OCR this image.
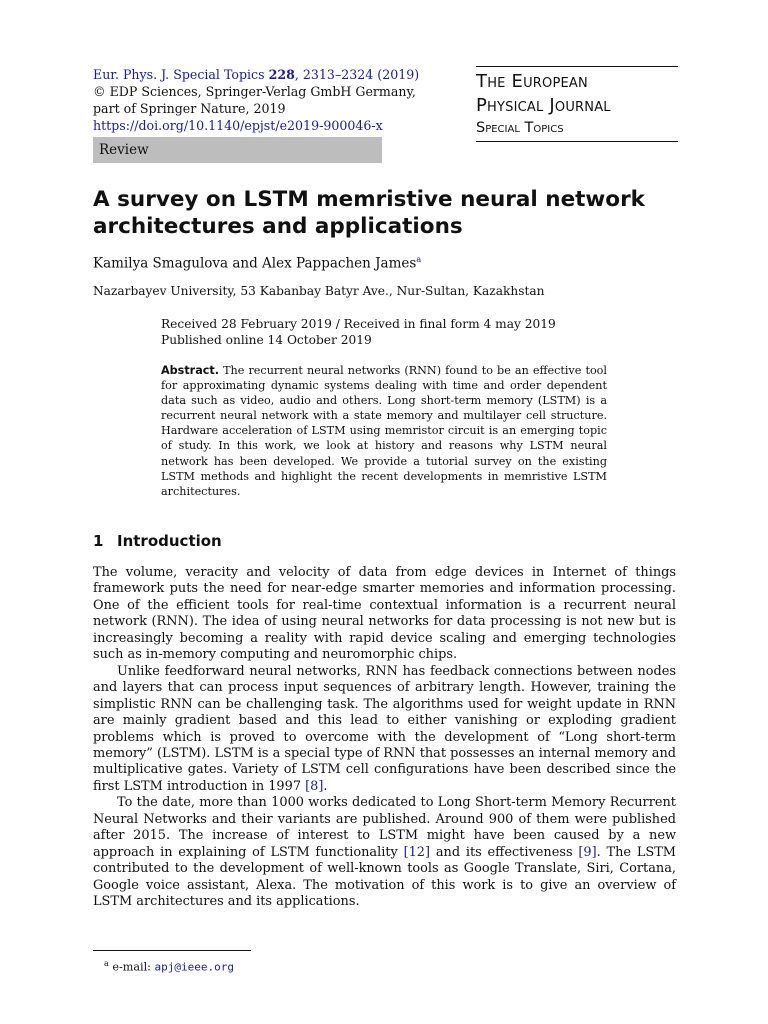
Eur. Phys. J. Special Topics 228, 2313–2324 (2019)
© EDP Sciences, Springer-Verlag GmbH Germany,
part of Springer Nature, 2019
https://doi.org/10.1140/epjst/e2019-900046-x
The European
Physical Journal
Special Topics
Review
A survey on LSTM memristive neural network architectures and applications
Kamilya Smagulova and Alex Pappachen James$^a$
Nazarbayev University, 53 Kabanbay Batyr Ave., Nur-Sultan, Kazakhstan
Received 28 February 2019 / Received in final form 4 may 2019
Published online 14 October 2019
Abstract. The recurrent neural networks (RNN) found to be an effective tool for approximating dynamic systems dealing with time and order dependent data such as video, audio and others. Long short-term memory (LSTM) is a recurrent neural network with a state memory and multilayer cell structure. Hardware acceleration of LSTM using memristor circuit is an emerging topic of study. In this work, we look at history and reasons why LSTM neural network has been developed. We provide a tutorial survey on the existing LSTM methods and highlight the recent developments in memristive LSTM architectures.
1 Introduction

The volume, veracity and velocity of data from edge devices in Internet of things framework puts the need for near-edge smarter memories and information processing. One of the efficient tools for real-time contextual information is a recurrent neural network (RNN). The idea of using neural networks for data processing is not new but is increasingly becoming a reality with rapid device scaling and emerging technologies such as in-memory computing and neuromorphic chips.

Unlike feedforward neural networks, RNN has feedback connections between nodes and layers that can process input sequences of arbitrary length. However, training the simplistic RNN can be challenging task. The algorithms used for weight update in RNN are mainly gradient based and this lead to either vanishing or exploding gradient problems which is proved to overcome with the development of “Long short-term memory” (LSTM). LSTM is a special type of RNN that possesses an internal memory and multiplicative gates. Variety of LSTM cell configurations have been described since the first LSTM introduction in 1997 [8].

To the date, more than 1000 works dedicated to Long Short-term Memory Recurrent Neural Networks and their variants are published. Around 900 of them were published after 2015. The increase of interest to LSTM might have been caused by a new approach in explaining of LSTM functionality [12] and its effectiveness [9]. The LSTM contributed to the development of well-known tools as Google Translate, Siri, Cortana, Google voice assistant, Alexa. The motivation of this work is to give an overview of LSTM architectures and its applications.

$^a$ e-mail: apj@ieee.org
